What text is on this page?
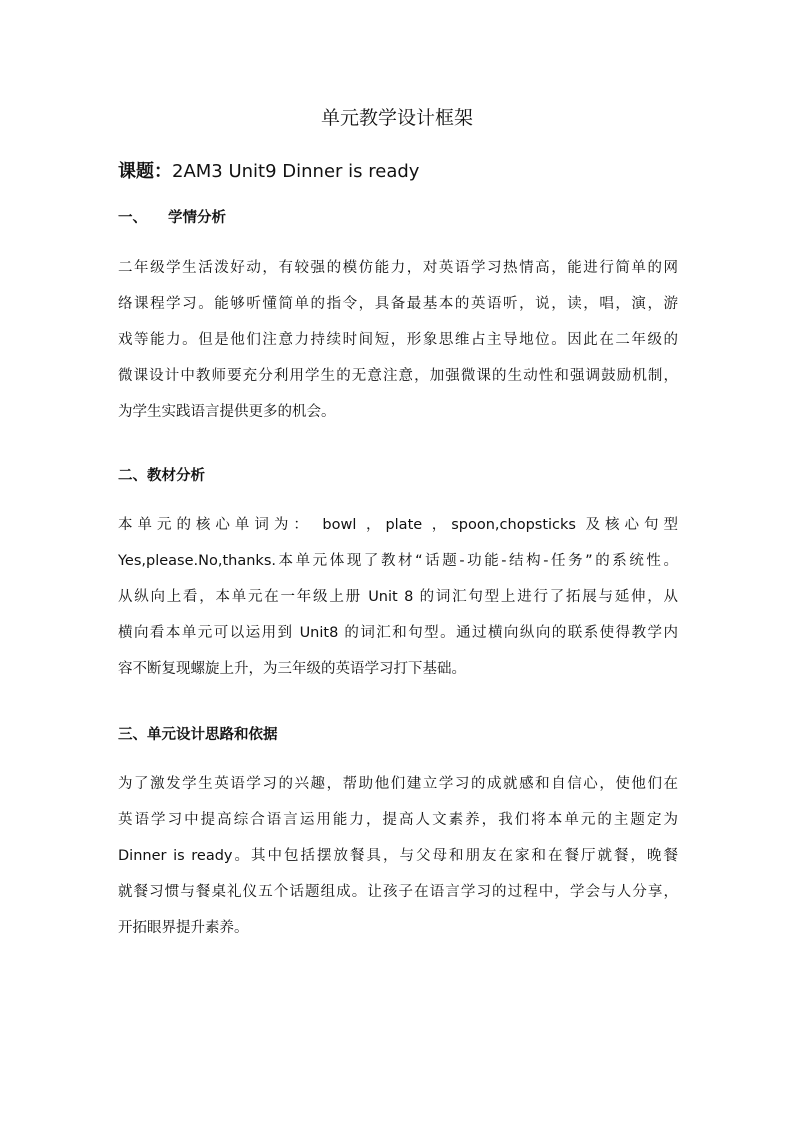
单元教学设计框架
课题：2AM3 Unit9 Dinner is ready
一、 学情分析
二年级学生活泼好动，有较强的模仿能力，对英语学习热情高，能进行简单的网
络课程学习。能够听懂简单的指令，具备最基本的英语听，说，读，唱，演，游
戏等能力。但是他们注意力持续时间短，形象思维占主导地位。因此在二年级的
微课设计中教师要充分利用学生的无意注意，加强微课的生动性和强调鼓励机制，
为学生实践语言提供更多的机会。
二、教材分析
本单元的核心单词为： bowl ，plate ，spoon,chopsticks 及核心句型
Yes,please.No,thanks.本单元体现了教材“话题-功能-结构-任务”的系统性。
从纵向上看，本单元在一年级上册 Unit 8 的词汇句型上进行了拓展与延伸，从
横向看本单元可以运用到 Unit8 的词汇和句型。通过横向纵向的联系使得教学内
容不断复现螺旋上升，为三年级的英语学习打下基础。
三、单元设计思路和依据
为了激发学生英语学习的兴趣，帮助他们建立学习的成就感和自信心，使他们在
英语学习中提高综合语言运用能力，提高人文素养，我们将本单元的主题定为
Dinner is ready。其中包括摆放餐具，与父母和朋友在家和在餐厅就餐，晚餐
就餐习惯与餐桌礼仪五个话题组成。让孩子在语言学习的过程中，学会与人分享，
开拓眼界提升素养。
